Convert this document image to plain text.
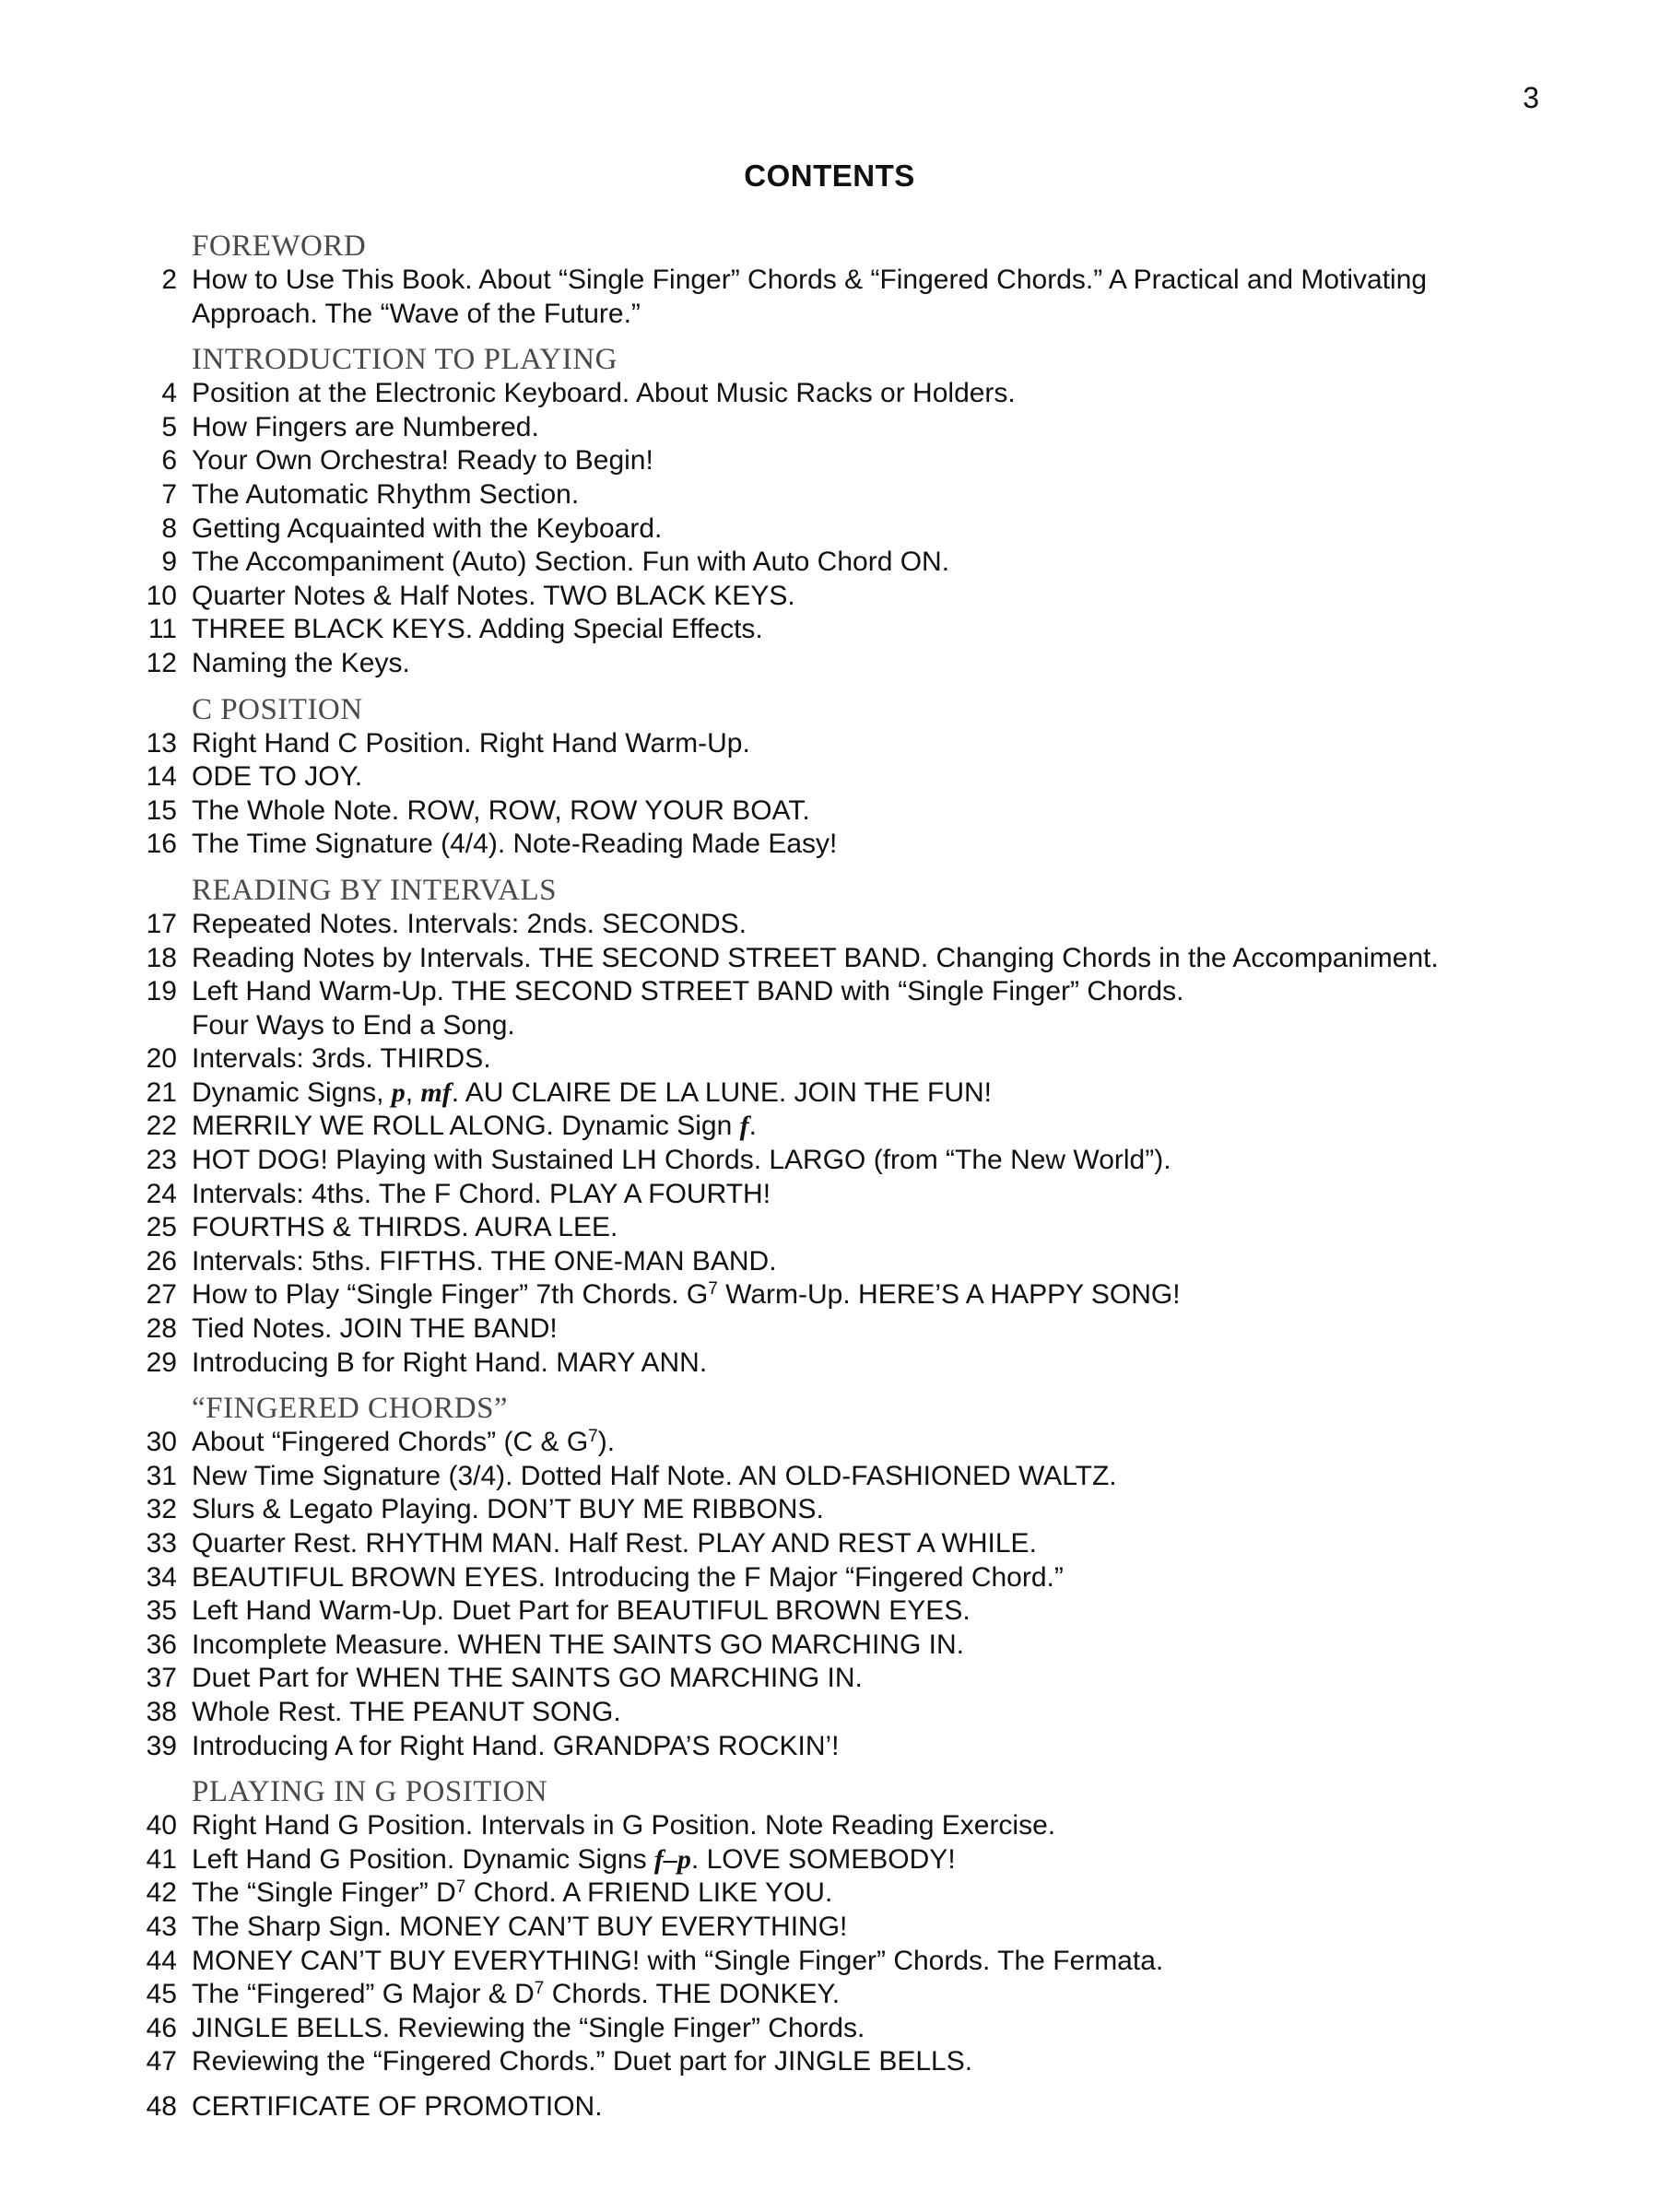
3
CONTENTS
FOREWORD
2 How to Use This Book. About “Single Finger” Chords & “Fingered Chords.” A Practical and Motivating
Approach. The “Wave of the Future.”
INTRODUCTION TO PLAYING
4 Position at the Electronic Keyboard. About Music Racks or Holders.
5 How Fingers are Numbered.
6 Your Own Orchestra! Ready to Begin!
7 The Automatic Rhythm Section.
8 Getting Acquainted with the Keyboard.
9 The Accompaniment (Auto) Section. Fun with Auto Chord ON.
10 Quarter Notes & Half Notes. TWO BLACK KEYS.
11 THREE BLACK KEYS. Adding Special Effects.
12 Naming the Keys.
C POSITION
13 Right Hand C Position. Right Hand Warm-Up.
14 ODE TO JOY.
15 The Whole Note. ROW, ROW, ROW YOUR BOAT.
16 The Time Signature (4/4). Note-Reading Made Easy!
READING BY INTERVALS
17 Repeated Notes. Intervals: 2nds. SECONDS.
18 Reading Notes by Intervals. THE SECOND STREET BAND. Changing Chords in the Accompaniment.
19 Left Hand Warm-Up. THE SECOND STREET BAND with “Single Finger” Chords.
Four Ways to End a Song.
20 Intervals: 3rds. THIRDS.
21 Dynamic Signs, p, mf. AU CLAIRE DE LA LUNE. JOIN THE FUN!
22 MERRILY WE ROLL ALONG. Dynamic Sign f.
23 HOT DOG! Playing with Sustained LH Chords. LARGO (from “The New World”).
24 Intervals: 4ths. The F Chord. PLAY A FOURTH!
25 FOURTHS & THIRDS. AURA LEE.
26 Intervals: 5ths. FIFTHS. THE ONE-MAN BAND.
27 How to Play “Single Finger” 7th Chords. $G^7$ Warm-Up. HERE’S A HAPPY SONG!
28 Tied Notes. JOIN THE BAND!
29 Introducing B for Right Hand. MARY ANN.
“FINGERED CHORDS”
30 About “Fingered Chords” (C & $G^7$).
31 New Time Signature (3/4). Dotted Half Note. AN OLD-FASHIONED WALTZ.
32 Slurs & Legato Playing. DON’T BUY ME RIBBONS.
33 Quarter Rest. RHYTHM MAN. Half Rest. PLAY AND REST A WHILE.
34 BEAUTIFUL BROWN EYES. Introducing the F Major “Fingered Chord.”
35 Left Hand Warm-Up. Duet Part for BEAUTIFUL BROWN EYES.
36 Incomplete Measure. WHEN THE SAINTS GO MARCHING IN.
37 Duet Part for WHEN THE SAINTS GO MARCHING IN.
38 Whole Rest. THE PEANUT SONG.
39 Introducing A for Right Hand. GRANDPA’S ROCKIN’!
PLAYING IN G POSITION
40 Right Hand G Position. Intervals in G Position. Note Reading Exercise.
41 Left Hand G Position. Dynamic Signs f–p. LOVE SOMEBODY!
42 The “Single Finger” $D^7$ Chord. A FRIEND LIKE YOU.
43 The Sharp Sign. MONEY CAN’T BUY EVERYTHING!
44 MONEY CAN’T BUY EVERYTHING! with “Single Finger” Chords. The Fermata.
45 The “Fingered” G Major & $D^7$ Chords. THE DONKEY.
46 JINGLE BELLS. Reviewing the “Single Finger” Chords.
47 Reviewing the “Fingered Chords.” Duet part for JINGLE BELLS.
48 CERTIFICATE OF PROMOTION.
